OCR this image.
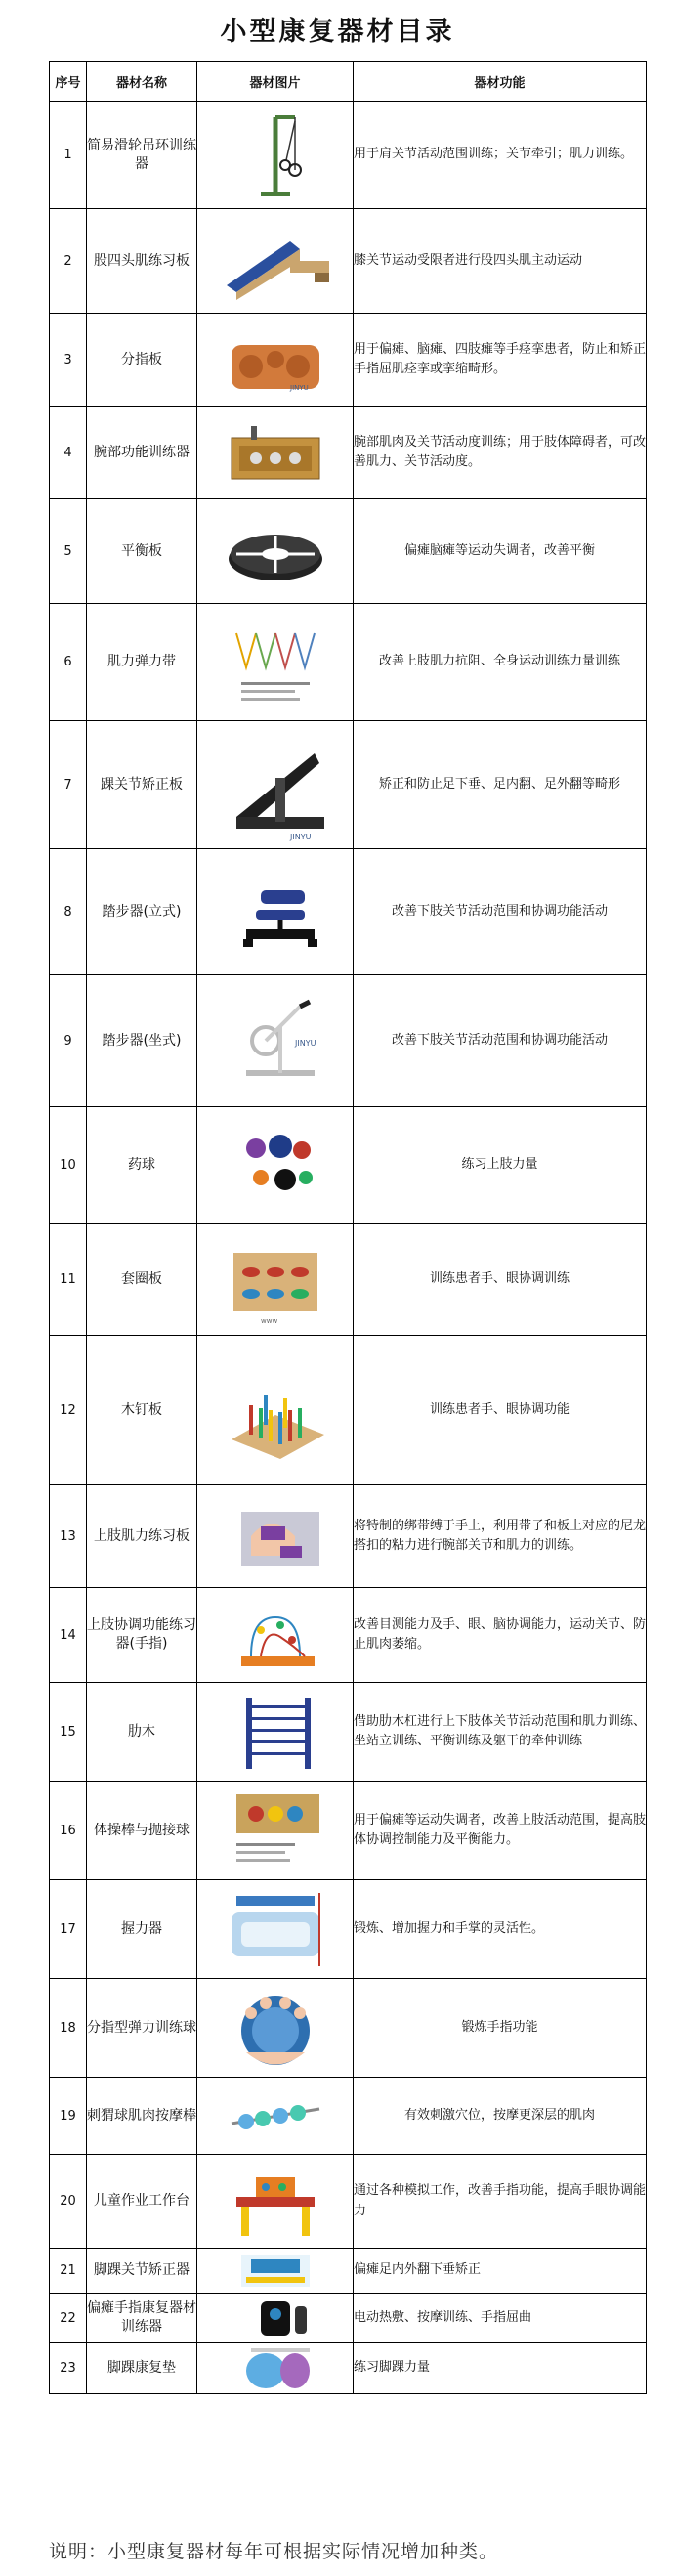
小型康复器材目录
序号	器材名称	器材图片	器材功能
1	简易滑轮吊环训练器		用于肩关节活动范围训练；关节牵引；肌力训练。
2	股四头肌练习板		膝关节运动受限者进行股四头肌主动运动
3	分指板	JINYU	用于偏瘫、脑瘫、四肢瘫等手痉挛患者，防止和矫正手指屈肌痉挛或挛缩畸形。
4	腕部功能训练器		腕部肌肉及关节活动度训练；用于肢体障碍者，可改善肌力、关节活动度。
5	平衡板		偏瘫脑瘫等运动失调者，改善平衡
6	肌力弹力带		改善上肢肌力抗阻、全身运动训练力量训练
7	踝关节矫正板	JINYU	矫正和防止足下垂、足内翻、足外翻等畸形
8	踏步器(立式)		改善下肢关节活动范围和协调功能活动
9	踏步器(坐式)	JINYU	改善下肢关节活动范围和协调功能活动
10	药球		练习上肢力量
11	套圈板	www	训练患者手、眼协调训练
12	木钉板		训练患者手、眼协调功能
13	上肢肌力练习板		将特制的绑带缚于手上，利用带子和板上对应的尼龙搭扣的粘力进行腕部关节和肌力的训练。
14	上肢协调功能练习器(手指)		改善目测能力及手、眼、脑协调能力，运动关节、防止肌肉萎缩。
15	肋木		借助肋木杠进行上下肢体关节活动范围和肌力训练、坐站立训练、平衡训练及躯干的牵伸训练
16	体操棒与抛接球		用于偏瘫等运动失调者，改善上肢活动范围，提高肢体协调控制能力及平衡能力。
17	握力器		锻炼、增加握力和手掌的灵活性。
18	分指型弹力训练球		锻炼手指功能
19	刺猬球肌肉按摩棒		有效刺激穴位，按摩更深层的肌肉
20	儿童作业工作台		通过各种模拟工作，改善手指功能，提高手眼协调能力
21	脚踝关节矫正器		偏瘫足内外翻下垂矫正
22	偏瘫手指康复器材训练器		电动热敷、按摩训练、手指屈曲
23	脚踝康复垫		练习脚踝力量
说明：小型康复器材每年可根据实际情况增加种类。
